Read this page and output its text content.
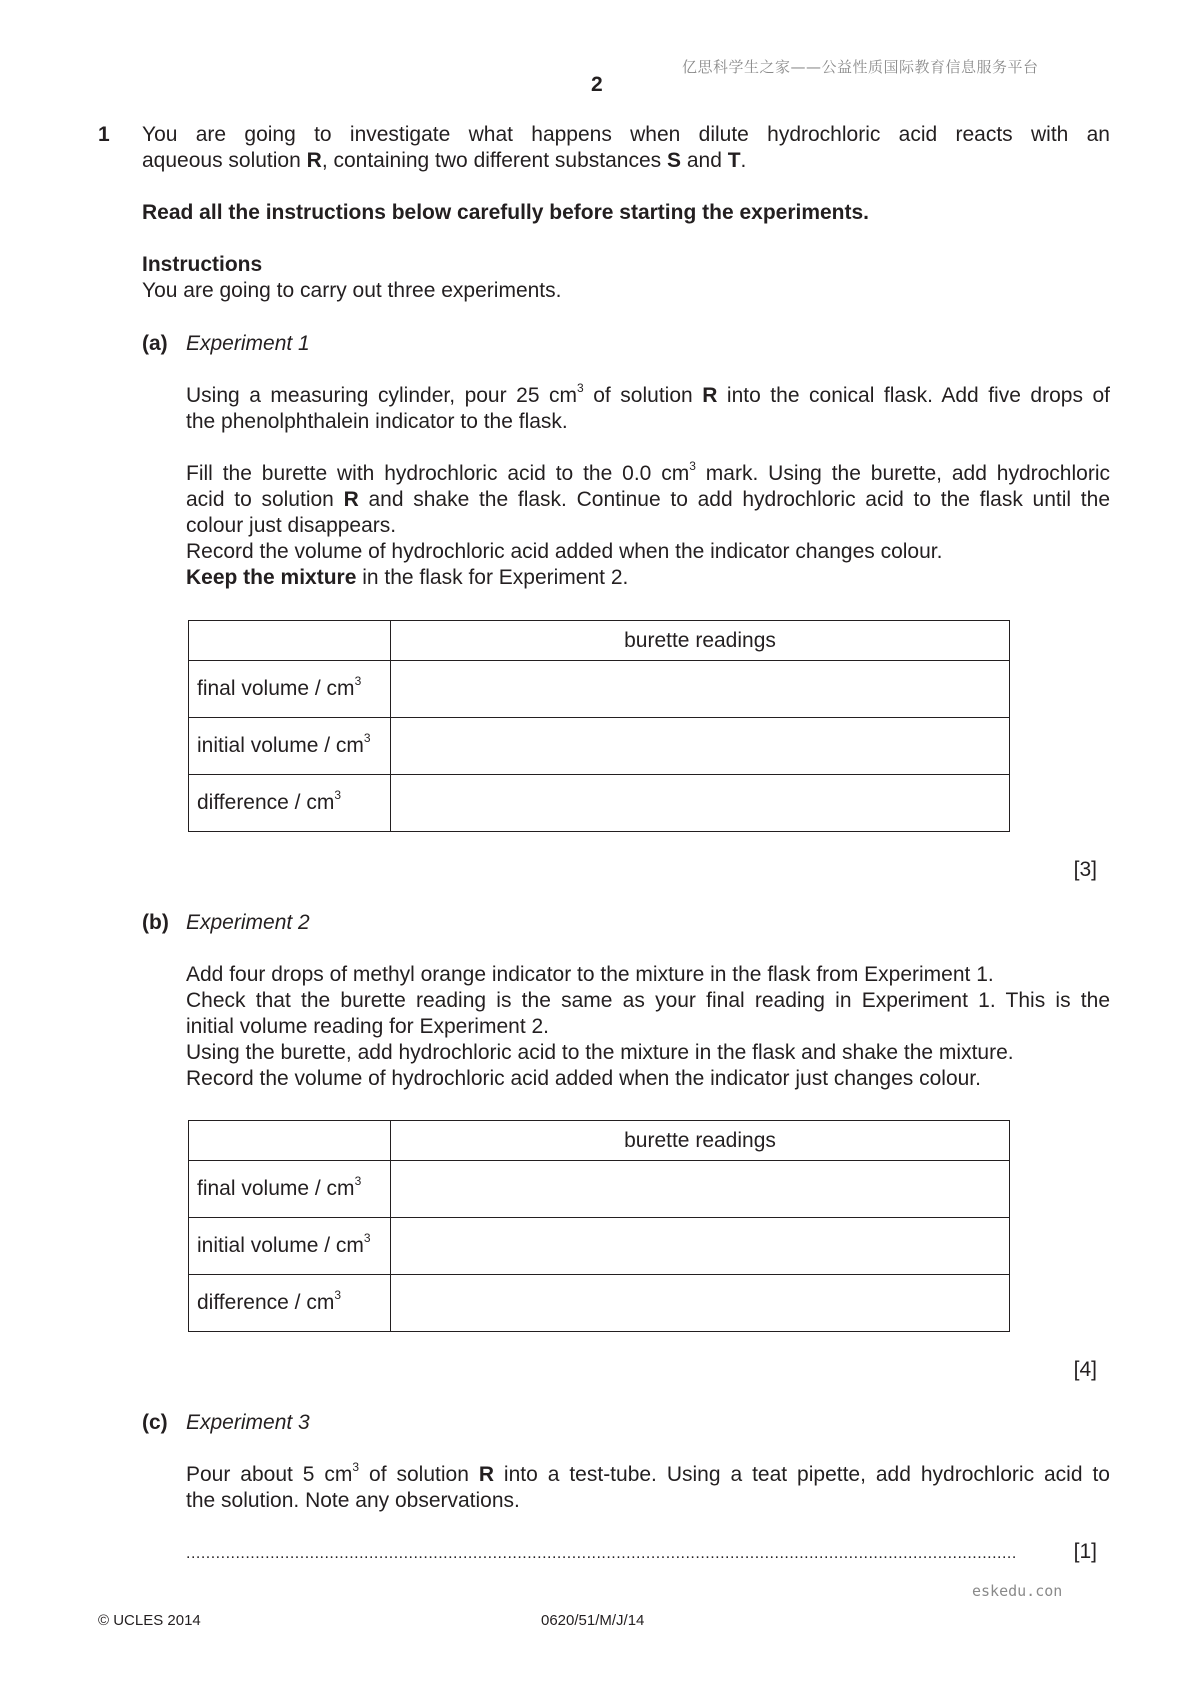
亿思科学生之家——公益性质国际教育信息服务平台
2
1 You are going to investigate what happens when dilute hydrochloric acid reacts with an
aqueous solution R, containing two different substances S and T.
Read all the instructions below carefully before starting the experiments.
Instructions
You are going to carry out three experiments.
(a) Experiment 1
Using a measuring cylinder, pour 25 $cm^3$ of solution R into the conical flask. Add five drops of
the phenolphthalein indicator to the flask.
Fill the burette with hydrochloric acid to the 0.0 $cm^3$ mark. Using the burette, add hydrochloric
acid to solution R and shake the flask. Continue to add hydrochloric acid to the flask until the
colour just disappears.
Record the volume of hydrochloric acid added when the indicator changes colour.
Keep the mixture in the flask for Experiment 2.
	burette readings
final volume / $cm^3$	
initial volume / $cm^3$	
difference / $cm^3$	
[3]
(b) Experiment 2
Add four drops of methyl orange indicator to the mixture in the flask from Experiment 1.
Check that the burette reading is the same as your final reading in Experiment 1. This is the
initial volume reading for Experiment 2.
Using the burette, add hydrochloric acid to the mixture in the flask and shake the mixture.
Record the volume of hydrochloric acid added when the indicator just changes colour.
	burette readings
final volume / $cm^3$	
initial volume / $cm^3$	
difference / $cm^3$	
[4]
(c) Experiment 3
Pour about 5 $cm^3$ of solution R into a test-tube. Using a teat pipette, add hydrochloric acid to
the solution. Note any observations.
........................................................................................................................................................................	[1]
eskedu.con
© UCLES 2014	0620/51/M/J/14
